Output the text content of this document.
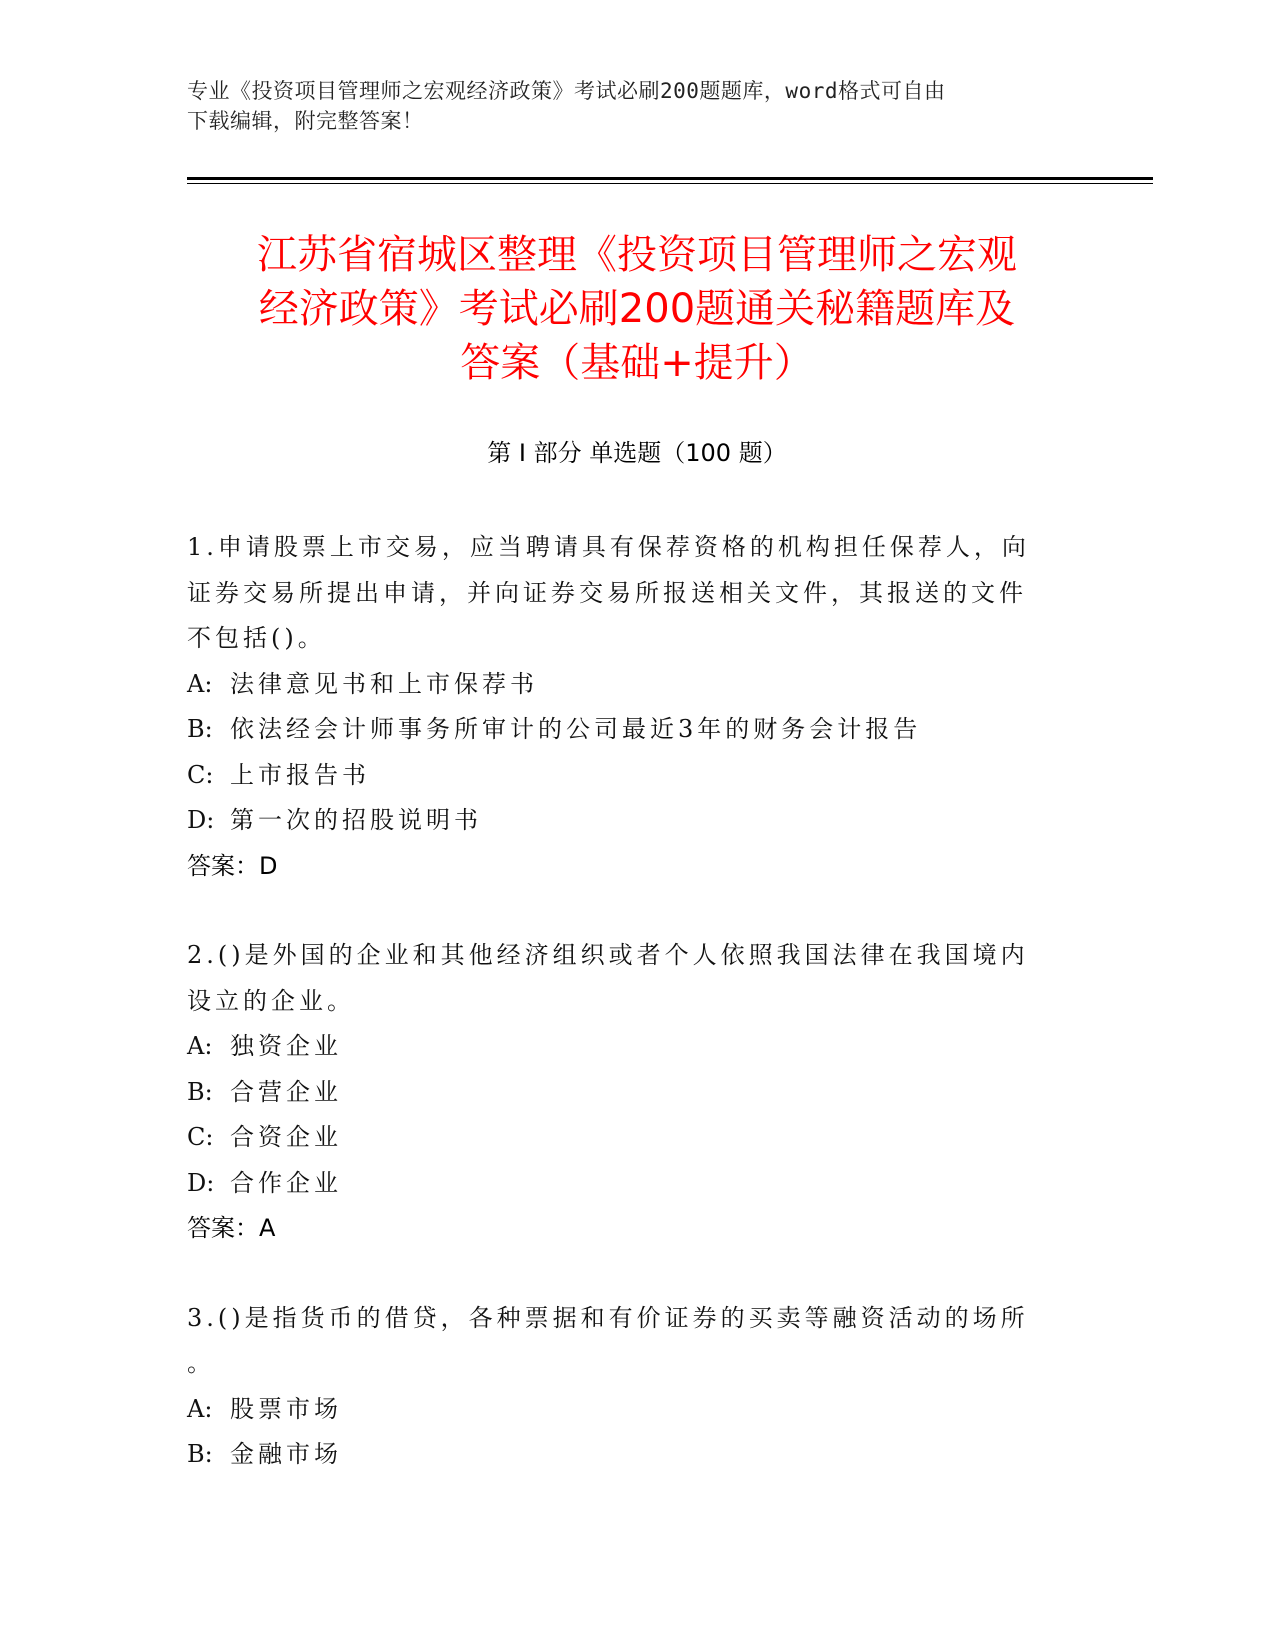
专业《投资项目管理师之宏观经济政策》考试必刷200题题库，word格式可自由
下载编辑，附完整答案！
江苏省宿城区整理《投资项目管理师之宏观
经济政策》考试必刷200题通关秘籍题库及
答案（基础+提升）
第 I 部分 单选题（100 题）
1.申请股票上市交易，应当聘请具有保荐资格的机构担任保荐人，向
证券交易所提出申请，并向证券交易所报送相关文件，其报送的文件
不包括()。
A: 法律意见书和上市保荐书
B: 依法经会计师事务所审计的公司最近3年的财务会计报告
C: 上市报告书
D: 第一次的招股说明书
答案：D
2.()是外国的企业和其他经济组织或者个人依照我国法律在我国境内
设立的企业。
A: 独资企业
B: 合营企业
C: 合资企业
D: 合作企业
答案：A
3.()是指货币的借贷，各种票据和有价证券的买卖等融资活动的场所
。
A: 股票市场
B: 金融市场
